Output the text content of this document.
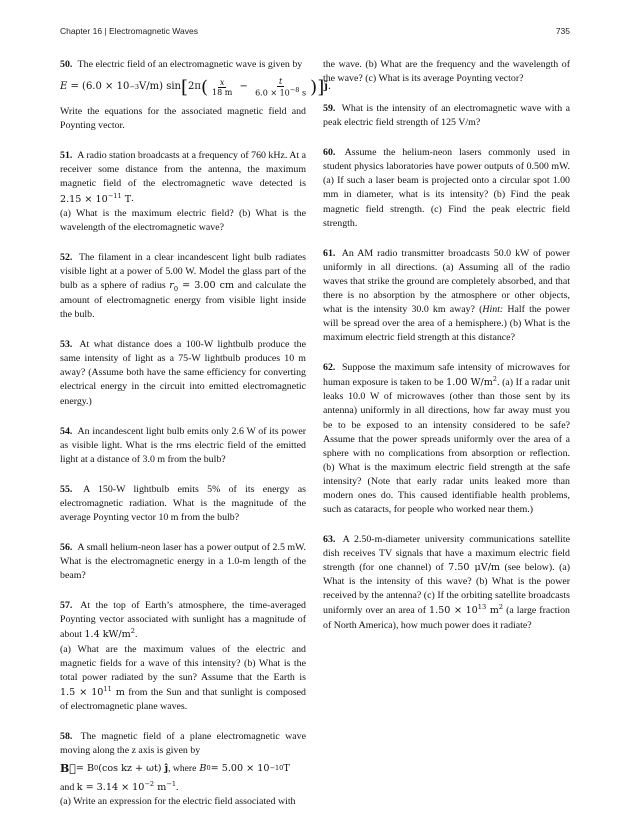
Chapter 16 | Electromagnetic Waves	735

50. The electric field of an electromagnetic wave is given by

E =
(6.0 × 10 −3 V/m)
sin [ 2π ( $\frac{x}{18 m} - \frac{t}{6.0 \times 10^{-8} s}$ ) ] j .

Write the equations for the associated magnetic field and Poynting vector.

51. A radio station broadcasts at a frequency of 760 kHz. At a receiver some distance from the antenna, the maximum magnetic field of the electromagnetic wave detected is $2.15 \times 10^{-11}$ T.

(a) What is the maximum electric field? (b) What is the wavelength of the electromagnetic wave?

52. The filament in a clear incandescent light bulb radiates visible light at a power of 5.00 W. Model the glass part of the bulb as a sphere of radius $r_0 = 3.00$ cm and calculate the amount of electromagnetic energy from visible light inside the bulb.

53. At what distance does a 100-W lightbulb produce the same intensity of light as a 75-W lightbulb produces 10 m away? (Assume both have the same efficiency for converting electrical energy in the circuit into emitted electromagnetic energy.)

54. An incandescent light bulb emits only 2.6 W of its power as visible light. What is the rms electric field of the emitted light at a distance of 3.0 m from the bulb?

55. A 150-W lightbulb emits 5% of its energy as electromagnetic radiation. What is the magnitude of the average Poynting vector 10 m from the bulb?

56. A small helium-neon laser has a power output of 2.5 mW. What is the electromagnetic energy in a 1.0-m length of the beam?

57. At the top of Earth’s atmosphere, the time-averaged Poynting vector associated with sunlight has a magnitude of about 1.4 $kW/m^2$.

(a) What are the maximum values of the electric and magnetic fields for a wave of this intensity? (b) What is the total power radiated by the sun? Assume that the Earth is $1.5 \times 10^{11}$ m from the Sun and that sunlight is composed of electromagnetic plane waves.

58. The magnetic field of a plane electromagnetic wave moving along the z axis is given by

B = B 0 (cos kz + ωt)
j , where
B 0 = 5.00 × 10 −10 T

and $k = 3.14 \times 10^{-2}$ $m^{-1}$.

(a) Write an expression for the electric field associated with

the wave. (b) What are the frequency and the wavelength of the wave? (c) What is its average Poynting vector?

59. What is the intensity of an electromagnetic wave with a peak electric field strength of 125 V/m?

60. Assume the helium-neon lasers commonly used in student physics laboratories have power outputs of 0.500 mW. (a) If such a laser beam is projected onto a circular spot 1.00 mm in diameter, what is its intensity? (b) Find the peak magnetic field strength. (c) Find the peak electric field strength.

61. An AM radio transmitter broadcasts 50.0 kW of power uniformly in all directions. (a) Assuming all of the radio waves that strike the ground are completely absorbed, and that there is no absorption by the atmosphere or other objects, what is the intensity 30.0 km away? (Hint: Half the power will be spread over the area of a hemisphere.) (b) What is the maximum electric field strength at this distance?

62. Suppose the maximum safe intensity of microwaves for human exposure is taken to be 1.00 $W/m^2$. (a) If a radar unit leaks 10.0 W of microwaves (other than those sent by its antenna) uniformly in all directions, how far away must you be to be exposed to an intensity considered to be safe? Assume that the power spreads uniformly over the area of a sphere with no complications from absorption or reflection. (b) What is the maximum electric field strength at the safe intensity? (Note that early radar units leaked more than modern ones do. This caused identifiable health problems, such as cataracts, for people who worked near them.)

63. A 2.50-m-diameter university communications satellite dish receives TV signals that have a maximum electric field strength (for one channel) of 7.50 μV/m (see below). (a) What is the intensity of this wave? (b) What is the power received by the antenna? (c) If the orbiting satellite broadcasts uniformly over an area of $1.50 \times 10^{13}$ $m^2$ (a large fraction of North America), how much power does it radiate?
